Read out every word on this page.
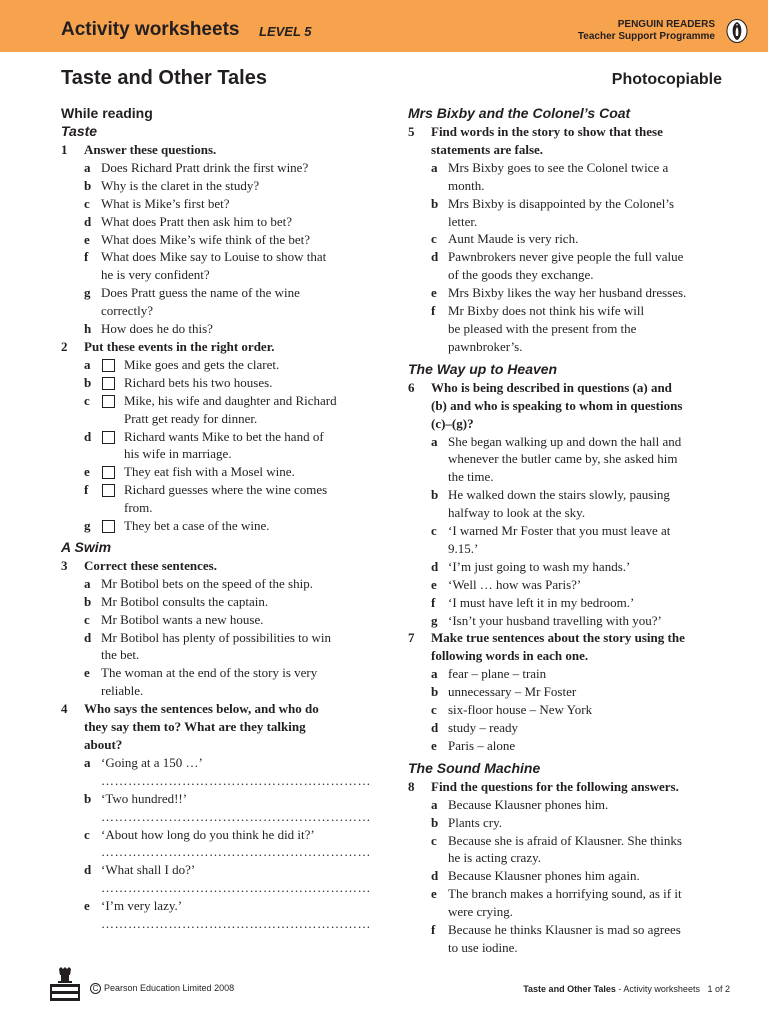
Activity worksheets LEVEL 5	PENGUIN READERS
Teacher Support Programme
Taste and Other Tales	Photocopiable
While reading
Taste
1	Answer these questions.
a Does Richard Pratt drink the first wine?
b Why is the claret in the study?
c What is Mike’s first bet?
d What does Pratt then ask him to bet?
e What does Mike’s wife think of the bet?
f What does Mike say to Louise to show that
he is very confident?
g Does Pratt guess the name of the wine
correctly?
h How does he do this?
2	Put these events in the right order.
a	Mike goes and gets the claret.
b	Richard bets his two houses.
c	Mike, his wife and daughter and Richard
Pratt get ready for dinner.
d	Richard wants Mike to bet the hand of
his wife in marriage.
e	They eat fish with a Mosel wine.
f	Richard guesses where the wine comes
from.
g	They bet a case of the wine.
A Swim
3	Correct these sentences.
a Mr Botibol bets on the speed of the ship.
b Mr Botibol consults the captain.
c Mr Botibol wants a new house.
d Mr Botibol has plenty of possibilities to win
the bet.
e The woman at the end of the story is very
reliable.
4	Who says the sentences below, and who do
they say them to? What are they talking
about?
a ‘Going at a 150 …’
……………………………………………………
b ‘Two hundred!!’
……………………………………………………
c ‘About how long do you think he did it?’
……………………………………………………
d ‘What shall I do?’
……………………………………………………
e ‘I’m very lazy.’
……………………………………………………
Mrs Bixby and the Colonel’s Coat
5	Find words in the story to show that these
statements are false.
a Mrs Bixby goes to see the Colonel twice a
month.
b Mrs Bixby is disappointed by the Colonel’s
letter.
c Aunt Maude is very rich.
d Pawnbrokers never give people the full value
of the goods they exchange.
e Mrs Bixby likes the way her husband dresses.
f Mr Bixby does not think his wife will
be pleased with the present from the
pawnbroker’s.
The Way up to Heaven
6	Who is being described in questions (a) and
(b) and who is speaking to whom in questions
(c)–(g)?
a She began walking up and down the hall and
whenever the butler came by, she asked him
the time.
b He walked down the stairs slowly, pausing
halfway to look at the sky.
c ‘I warned Mr Foster that you must leave at
9.15.’
d ‘I’m just going to wash my hands.’
e ‘Well … how was Paris?’
f ‘I must have left it in my bedroom.’
g ‘Isn’t your husband travelling with you?’
7	Make true sentences about the story using the
following words in each one.
a fear – plane – train
b unnecessary – Mr Foster
c six-floor house – New York
d study – ready
e Paris – alone
The Sound Machine
8	Find the questions for the following answers.
a Because Klausner phones him.
b Plants cry.
c Because she is afraid of Klausner. She thinks
he is acting crazy.
d Because Klausner phones him again.
e The branch makes a horrifying sound, as if it
were crying.
f Because he thinks Klausner is mad so agrees
to use iodine.
C Pearson Education Limited 2008	Taste and Other Tales - Activity worksheets 1 of 2
